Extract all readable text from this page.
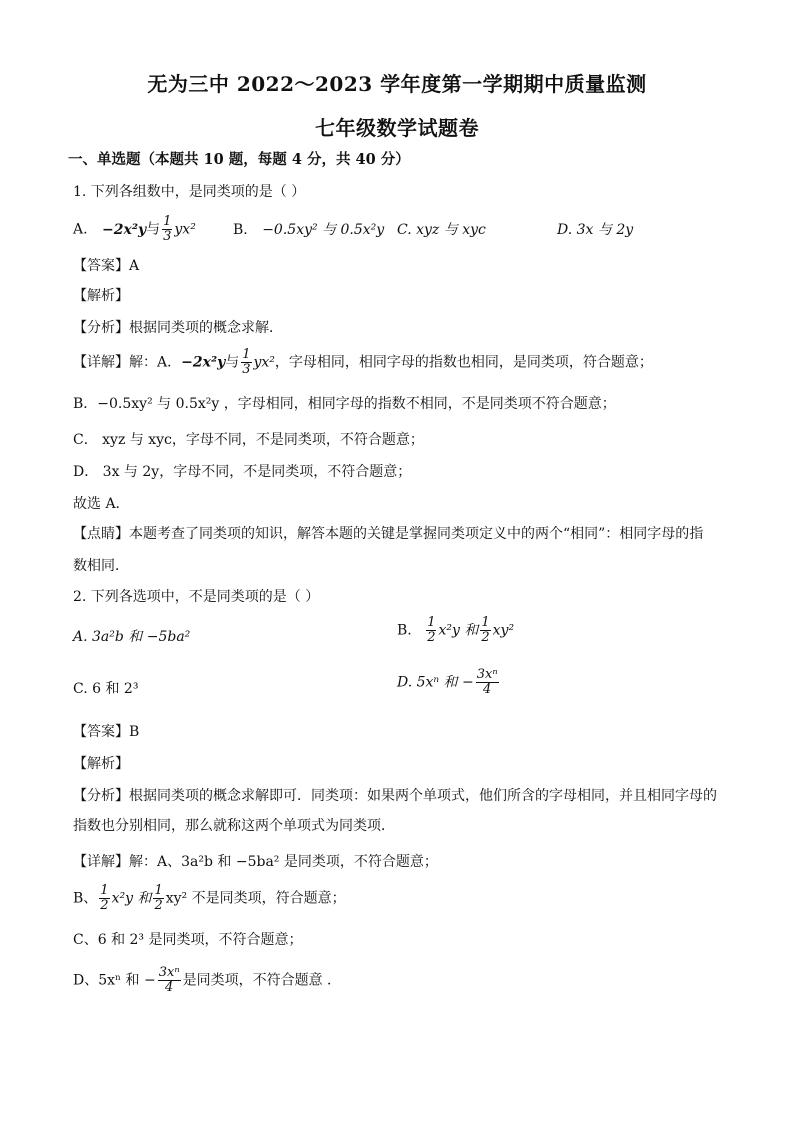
无为三中 2022～2023 学年度第一学期期中质量监测
七年级数学试题卷
一、单选题（本题共 10 题，每题 4 分，共 40 分）
1. 下列各组数中，是同类项的是（ ）
A. −2x²y与 $\frac{1}{3} yx^2$	B. −0.5xy² 与 0.5x²y C. xyz 与 xyc	D. 3x 与 2y
【答案】A
【解析】
【分析】根据同类项的概念求解．
【详解】解：A．−2x²y与 $\frac{1}{3} yx^2$，字母相同，相同字母的指数也相同，是同类项，符合题意；
B．−0.5xy² 与 0.5x²y ，字母相同，相同字母的指数不相同，不是同类项不符合题意；
C． xyz 与 xyc，字母不同，不是同类项，不符合题意；
D． 3x 与 2y，字母不同，不是同类项，不符合题意；
故选 A．
【点睛】本题考查了同类项的知识，解答本题的关键是掌握同类项定义中的两个“相同”：相同字母的指
数相同．
2. 下列各选项中，不是同类项的是（ ）
A. 3a²b 和 −5ba²	B. $\frac{1}{2} x^2y$ 和 $\frac{1}{2} xy^2$
C. 6 和 2³	D. 5xⁿ 和 − $\frac{\text{3xⁿ}}{4}$
【答案】B
【解析】
【分析】根据同类项的概念求解即可．同类项：如果两个单项式，他们所含的字母相同，并且相同字母的
指数也分别相同，那么就称这两个单项式为同类项．
【详解】解：A、3a²b 和 −5ba² 是同类项，不符合题意；
B、 $\frac{1}{2} x^2y$ 和 $\frac{1}{2} xy^2$ 不是同类项，符合题意；
C、6 和 2³ 是同类项，不符合题意；
D、5xⁿ 和 − $\frac{\text{3xⁿ}}{4}$ 是同类项，不符合题意 ．
